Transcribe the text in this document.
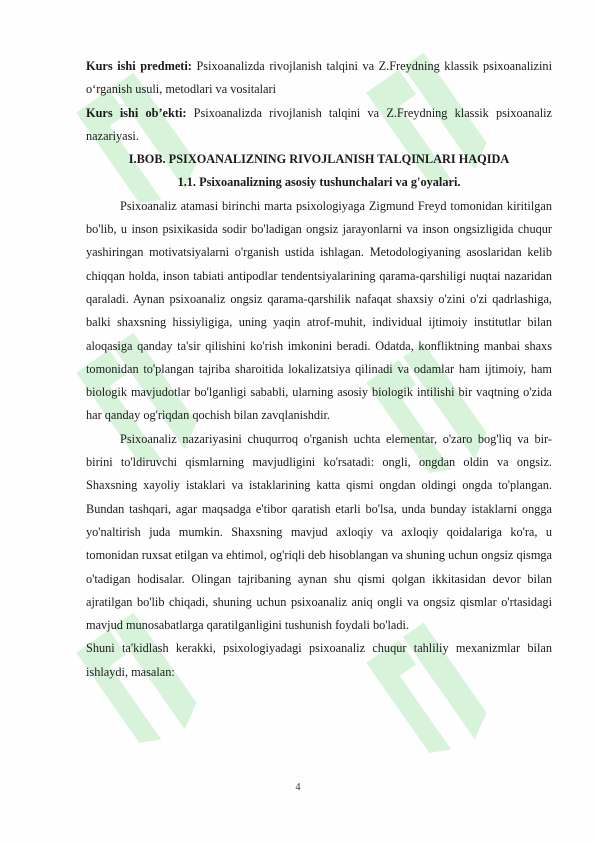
Kurs ishi predmeti: Psixoanalizda rivojlanish talqini va Z.Freydning klassik psixoanalizini o‘rganish usuli, metodlari va vositalari

Kurs ishi ob’ekti: Psixoanalizda rivojlanish talqini va Z.Freydning klassik psixoanaliz nazariyasi.

I.BOB. PSIXOANALIZNING RIVOJLANISH TALQINLARI HAQIDA

1.1. Psixoanalizning asosiy tushunchalari va g'oyalari.

Psixoanaliz atamasi birinchi marta psixologiyaga Zigmund Freyd tomonidan kiritilgan bo'lib, u inson psixikasida sodir bo'ladigan ongsiz jarayonlarni va inson ongsizligida chuqur yashiringan motivatsiyalarni o'rganish ustida ishlagan. Metodologiyaning asoslaridan kelib chiqqan holda, inson tabiati antipodlar tendentsiyalarining qarama-qarshiligi nuqtai nazaridan qaraladi. Aynan psixoanaliz ongsiz qarama-qarshilik nafaqat shaxsiy o'zini o'zi qadrlashiga, balki shaxsning hissiyligiga, uning yaqin atrof-muhit, individual ijtimoiy institutlar bilan aloqasiga qanday ta'sir qilishini ko'rish imkonini beradi. Odatda, konfliktning manbai shaxs tomonidan to'plangan tajriba sharoitida lokalizatsiya qilinadi va odamlar ham ijtimoiy, ham biologik mavjudotlar bo'lganligi sababli, ularning asosiy biologik intilishi bir vaqtning o'zida har qanday og'riqdan qochish bilan zavqlanishdir.

Psixoanaliz nazariyasini chuqurroq o'rganish uchta elementar, o'zaro bog'liq va bir-birini to'ldiruvchi qismlarning mavjudligini ko'rsatadi: ongli, ongdan oldin va ongsiz. Shaxsning xayoliy istaklari va istaklarining katta qismi ongdan oldingi ongda to'plangan. Bundan tashqari, agar maqsadga e'tibor qaratish etarli bo'lsa, unda bunday istaklarni ongga yo'naltirish juda mumkin. Shaxsning mavjud axloqiy va axloqiy qoidalariga ko'ra, u tomonidan ruxsat etilgan va ehtimol, og'riqli deb hisoblangan va shuning uchun ongsiz qismga o'tadigan hodisalar. Olingan tajribaning aynan shu qismi qolgan ikkitasidan devor bilan ajratilgan bo'lib chiqadi, shuning uchun psixoanaliz aniq ongli va ongsiz qismlar o'rtasidagi mavjud munosabatlarga qaratilganligini tushunish foydali bo'ladi.

Shuni ta'kidlash kerakki, psixologiyadagi psixoanaliz chuqur tahliliy mexanizmlar bilan ishlaydi, masalan:

4
